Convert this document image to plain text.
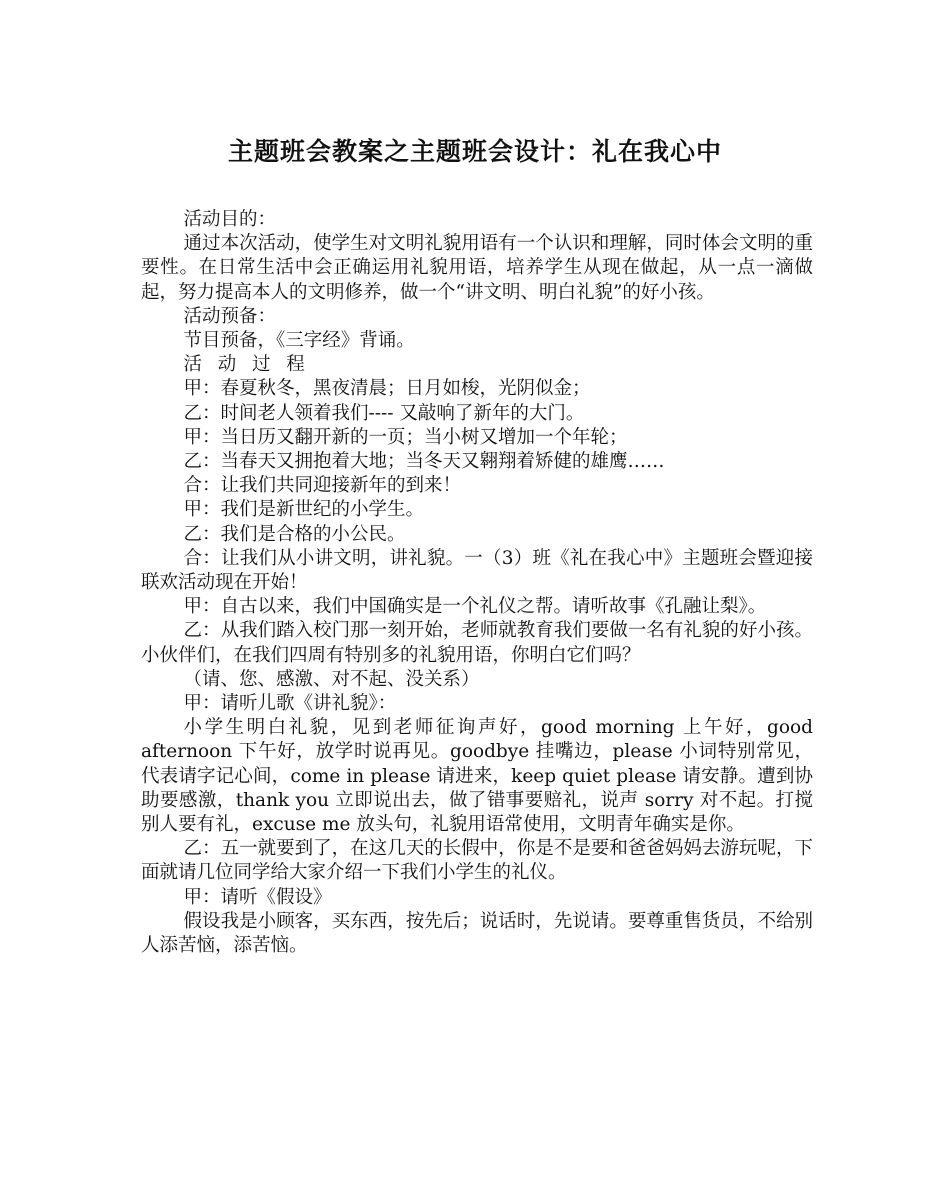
主题班会教案之主题班会设计：礼在我心中

活动目的：

通过本次活动，使学生对文明礼貌用语有一个认识和理解，同时体会文明的重要性。在日常生活中会正确运用礼貌用语，培养学生从现在做起，从一点一滴做起，努力提高本人的文明修养，做一个“讲文明、明白礼貌”的好小孩。

活动预备：

节目预备，《三字经》背诵。

活动过程

甲：春夏秋冬，黑夜清晨；日月如梭，光阴似金；

乙：时间老人领着我们---- 又敲响了新年的大门。

甲：当日历又翻开新的一页；当小树又增加一个年轮；

乙：当春天又拥抱着大地；当冬天又翱翔着矫健的雄鹰……

合：让我们共同迎接新年的到来！

甲：我们是新世纪的小学生。

乙：我们是合格的小公民。

合：让我们从小讲文明，讲礼貌。一（3）班《礼在我心中》主题班会暨迎接联欢活动现在开始！

甲：自古以来，我们中国确实是一个礼仪之帮。请听故事《孔融让梨》。

乙：从我们踏入校门那一刻开始，老师就教育我们要做一名有礼貌的好小孩。小伙伴们，在我们四周有特别多的礼貌用语，你明白它们吗？

（请、您、感激、对不起、没关系）

甲：请听儿歌《讲礼貌》：

小学生明白礼貌，见到老师征询声好，good morning 上午好，good afternoon 下午好，放学时说再见。goodbye 挂嘴边，please 小词特别常见，代表请字记心间，come in please 请进来，keep quiet please 请安静。遭到协助要感激，thank you 立即说出去，做了错事要赔礼，说声 sorry 对不起。打搅别人要有礼，excuse me 放头句，礼貌用语常使用，文明青年确实是你。

乙：五一就要到了，在这几天的长假中，你是不是要和爸爸妈妈去游玩呢，下面就请几位同学给大家介绍一下我们小学生的礼仪。

甲：请听《假设》

假设我是小顾客，买东西，按先后；说话时，先说请。要尊重售货员，不给别人添苦恼，添苦恼。
